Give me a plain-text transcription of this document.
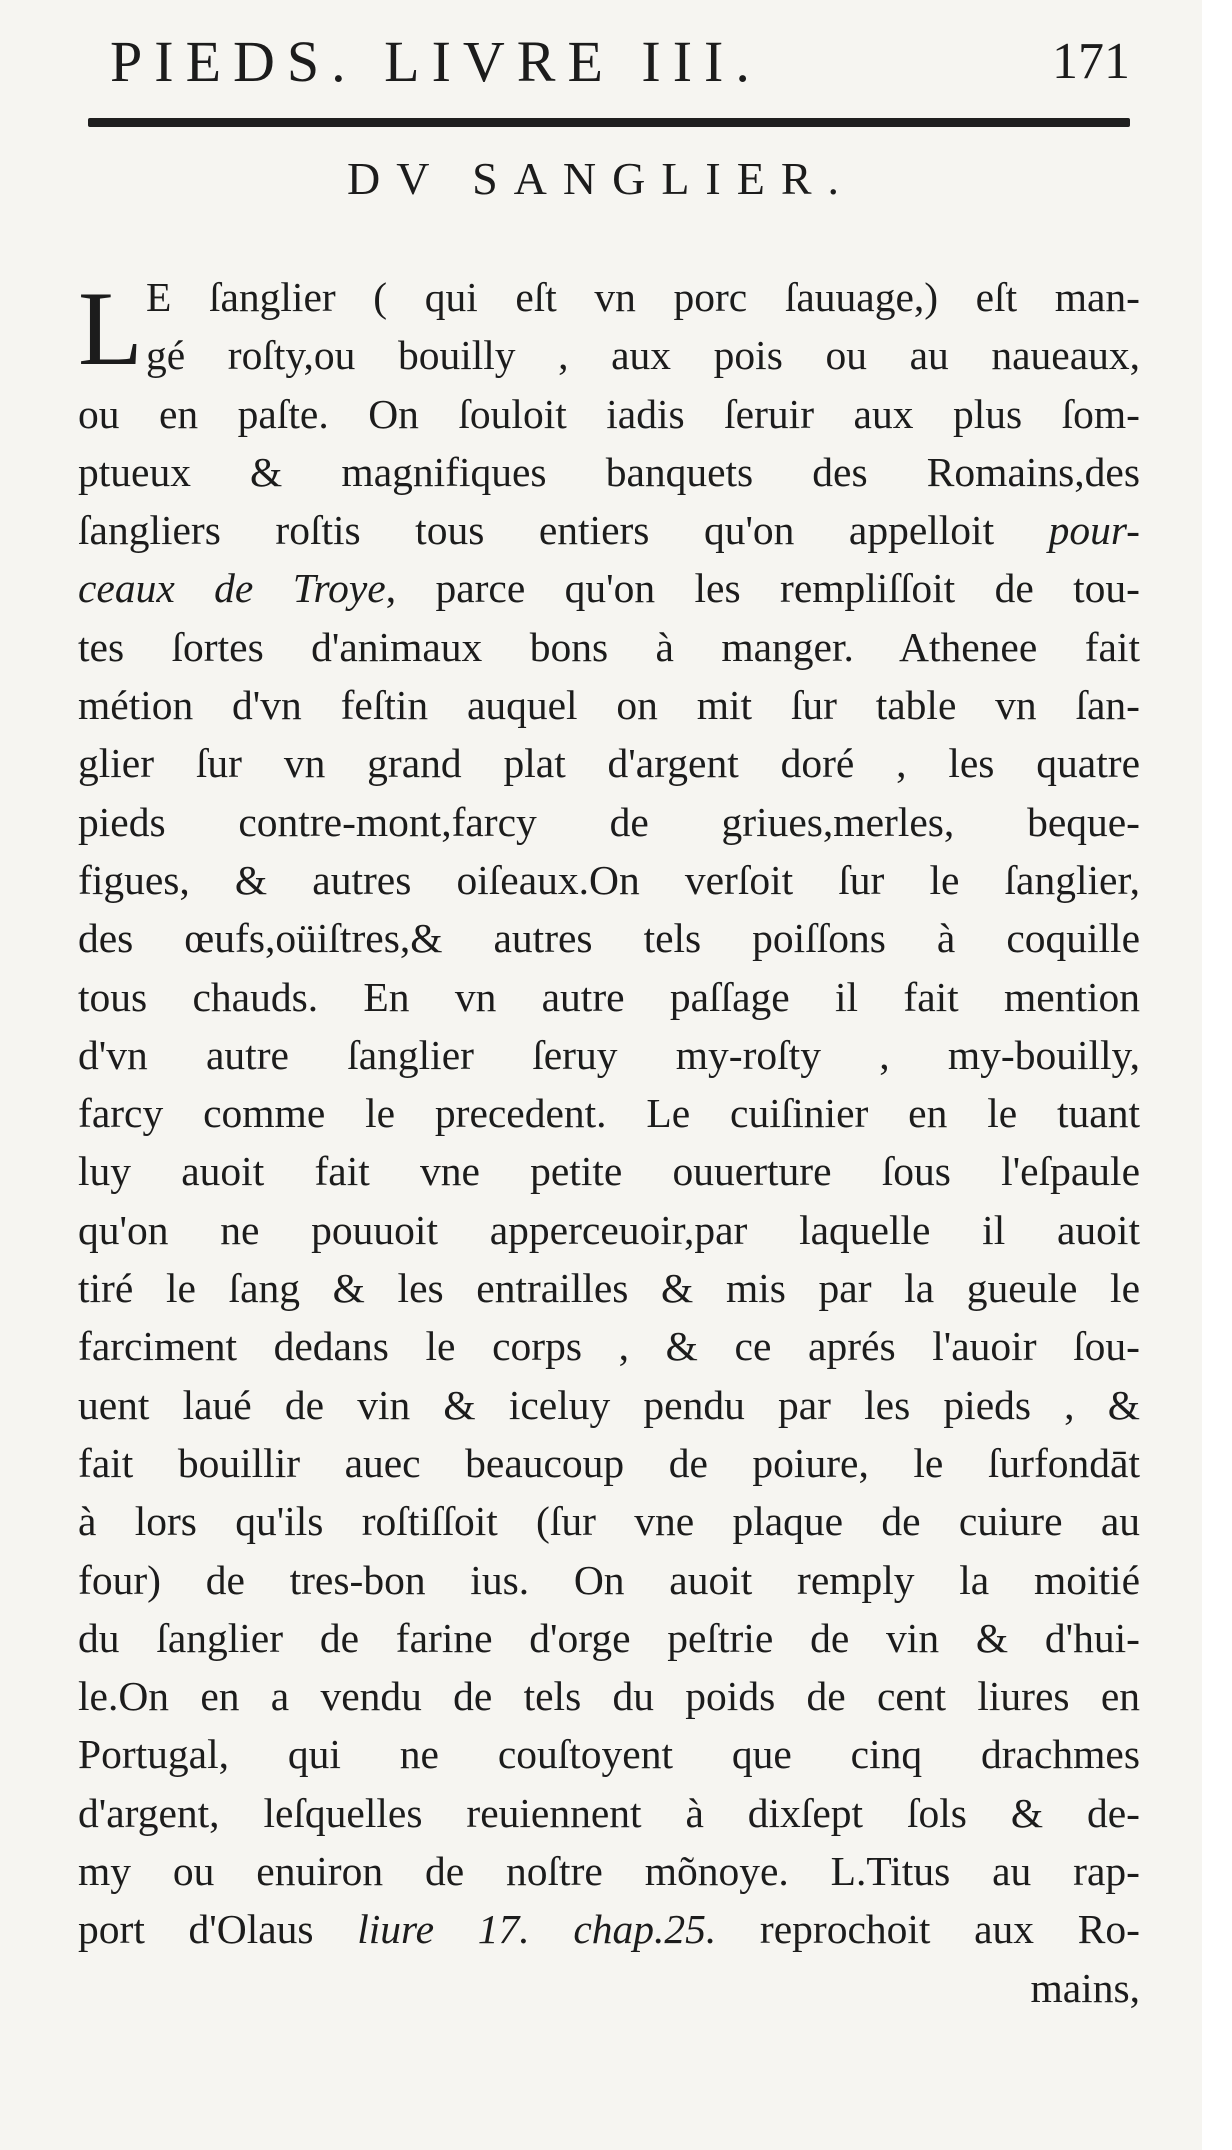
PIEDS. LIVRE III.	171
DV SANGLIER.
L E ſanglier ( qui eſt vn porc ſauuage,) eſt man-
gé roſty,ou bouilly , aux pois ou au naueaux,
ou en paſte. On ſouloit iadis ſeruir aux plus ſom-
ptueux & magnifiques banquets des Romains,des
ſangliers roſtis tous entiers qu'on appelloit pour-
ceaux de Troye, parce qu'on les rempliſſoit de tou-
tes ſortes d'animaux bons à manger. Athenee fait
métion d'vn feſtin auquel on mit ſur table vn ſan-
glier ſur vn grand plat d'argent doré , les quatre
pieds contre-mont,farcy de griues,merles, beque-
figues, & autres oiſeaux.On verſoit ſur le ſanglier,
des œufs,oüiſtres,& autres tels poiſſons à coquille
tous chauds. En vn autre paſſage il fait mention
d'vn autre ſanglier ſeruy my-roſty , my-bouilly,
farcy comme le precedent. Le cuiſinier en le tuant
luy auoit fait vne petite ouuerture ſous l'eſpaule
qu'on ne pouuoit apperceuoir,par laquelle il auoit
tiré le ſang & les entrailles & mis par la gueule le
farciment dedans le corps , & ce aprés l'auoir ſou-
uent laué de vin & iceluy pendu par les pieds , &
fait bouillir auec beaucoup de poiure, le ſurfondāt
à lors qu'ils roſtiſſoit (ſur vne plaque de cuiure au
four) de tres-bon ius. On auoit remply la moitié
du ſanglier de farine d'orge peſtrie de vin & d'hui-
le.On en a vendu de tels du poids de cent liures en
Portugal, qui ne couſtoyent que cinq drachmes
d'argent, leſquelles reuiennent à dixſept ſols & de-
my ou enuiron de noſtre mõnoye. L.Titus au rap-
port d'Olaus liure 17. chap.25. reprochoit aux Ro-
mains,
